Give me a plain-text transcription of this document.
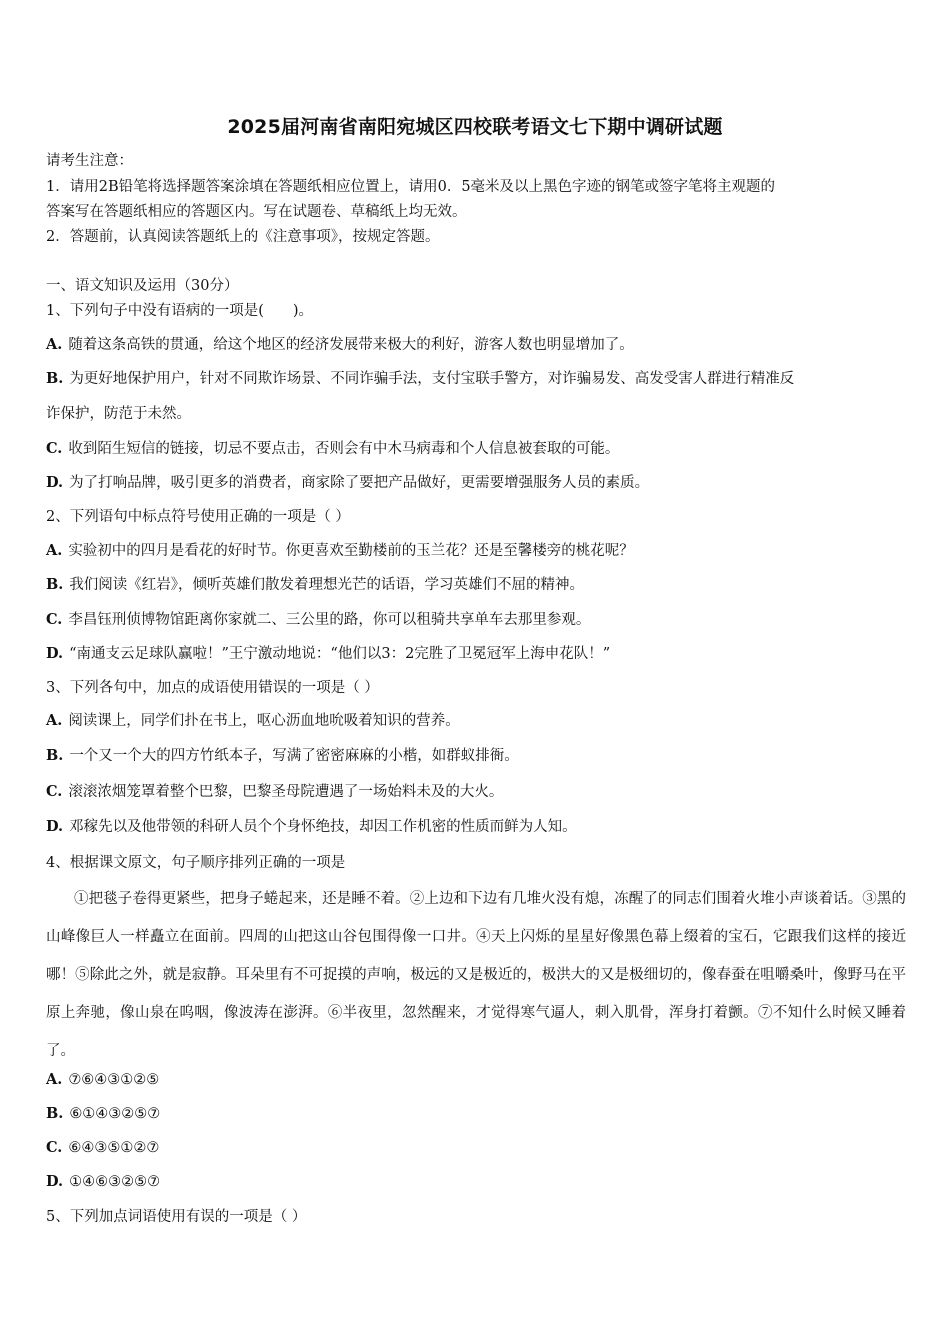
2025届河南省南阳宛城区四校联考语文七下期中调研试题
请考生注意：
1．请用2B铅笔将选择题答案涂填在答题纸相应位置上，请用0．5毫米及以上黑色字迹的钢笔或签字笔将主观题的
答案写在答题纸相应的答题区内。写在试题卷、草稿纸上均无效。
2．答题前，认真阅读答题纸上的《注意事项》，按规定答题。
一、语文知识及运用（30分）
1、下列句子中没有语病的一项是(　　)。
A. 随着这条高铁的贯通，给这个地区的经济发展带来极大的利好，游客人数也明显增加了。
B. 为更好地保护用户，针对不同欺诈场景、不同诈骗手法，支付宝联手警方，对诈骗易发、高发受害人群进行精准反
诈保护，防范于未然。
C. 收到陌生短信的链接，切忌不要点击，否则会有中木马病毒和个人信息被套取的可能。
D. 为了打响品牌，吸引更多的消费者，商家除了要把产品做好，更需要增强服务人员的素质。
2、下列语句中标点符号使用正确的一项是（ ）
A. 实验初中的四月是看花的好时节。你更喜欢至勤楼前的玉兰花？还是至馨楼旁的桃花呢？
B. 我们阅读《红岩》，倾听英雄们散发着理想光芒的话语，学习英雄们不屈的精神。
C. 李昌钰刑侦博物馆距离你家就二、三公里的路，你可以租骑共享单车去那里参观。
D. “南通支云足球队赢啦！”王宁激动地说：“他们以3：2完胜了卫冕冠军上海申花队！”
3、下列各句中，加点的成语使用错误的一项是（ ）
A. 阅读课上，同学们扑在书上，呕心沥血地吮吸着知识的营养。
B. 一个又一个大的四方竹纸本子，写满了密密麻麻的小楷，如群蚁排衙。
C. 滚滚浓烟笼罩着整个巴黎，巴黎圣母院遭遇了一场始料未及的大火。
D. 邓稼先以及他带领的科研人员个个身怀绝技，却因工作机密的性质而鲜为人知。
4、根据课文原文，句子顺序排列正确的一项是

①把毯子卷得更紧些，把身子蜷起来，还是睡不着。②上边和下边有几堆火没有熄，冻醒了的同志们围着火堆小声谈着话。③黑的山峰像巨人一样矗立在面前。四周的山把这山谷包围得像一口井。④天上闪烁的星星好像黑色幕上缀着的宝石，它跟我们这样的接近哪！⑤除此之外，就是寂静。耳朵里有不可捉摸的声响，极远的又是极近的，极洪大的又是极细切的，像春蚕在咀嚼桑叶，像野马在平原上奔驰，像山泉在呜咽，像波涛在澎湃。⑥半夜里，忽然醒来，才觉得寒气逼人，刺入肌骨，浑身打着颤。⑦不知什么时候又睡着了。

A. ⑦⑥④③①②⑤
B. ⑥①④③②⑤⑦
C. ⑥④③⑤①②⑦
D. ①④⑥③②⑤⑦
5、下列加点词语使用有误的一项是（ ）
